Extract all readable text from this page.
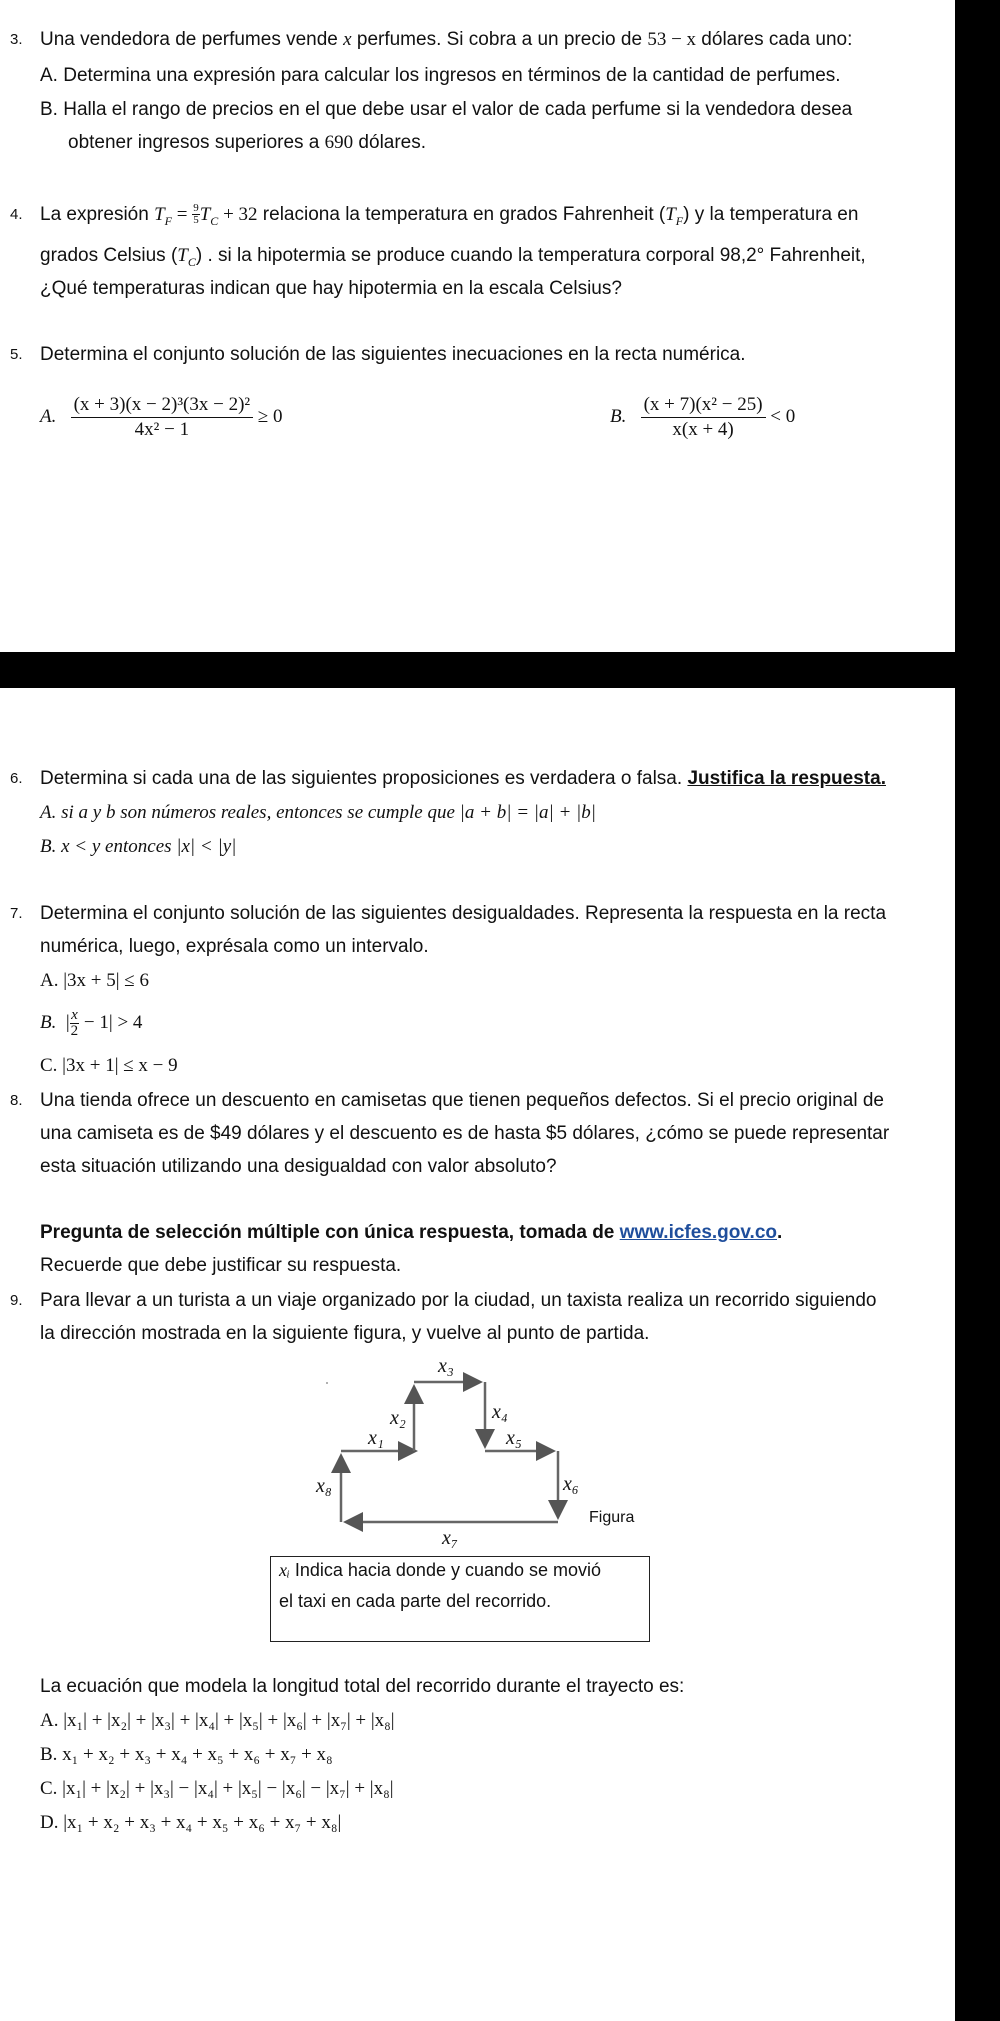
3. Una vendedora de perfumes vende x perfumes. Si cobra a un precio de 53 − x dólares cada uno:
A. Determina una expresión para calcular los ingresos en términos de la cantidad de perfumes.
B. Halla el rango de precios en el que debe usar el valor de cada perfume si la vendedora desea
obtener ingresos superiores a 690 dólares.
4. La expresión $T_F = \frac{9}{5} T_C + 32$ relaciona la temperatura en grados Fahrenheit $(T_F)$ y la temperatura en
grados Celsius $(T_C)$ . si la hipotermia se produce cuando la temperatura corporal 98,2° Fahrenheit,
¿Qué temperaturas indican que hay hipotermia en la escala Celsius?
5. Determina el conjunto solución de las siguientes inecuaciones en la recta numérica.
A. $\frac{\text{(x + 3)(x − 2)³(3x − 2)²}}{\text{4x² − 1}} \ge 0$	B. $\frac{\text{(x + 7)(x² − 25)}}{x(x + 4)} < 0$
6. Determina si cada una de las siguientes proposiciones es verdadera o falsa. Justifica la respuesta.
A. si a y b son números reales, entonces se cumple que |a + b| = |a| + |b|
B. x < y entonces |x| < |y|
7. Determina el conjunto solución de las siguientes desigualdades. Representa la respuesta en la recta
numérica, luego, exprésala como un intervalo.
A. |3x + 5| ≤ 6
B.  | $\frac{x}{2} - 1| > 4$
C. |3x + 1| ≤ x − 9
8. Una tienda ofrece un descuento en camisetas que tienen pequeños defectos. Si el precio original de
una camiseta es de $49 dólares y el descuento es de hasta $5 dólares, ¿cómo se puede representar
esta situación utilizando una desigualdad con valor absoluto?
Pregunta de selección múltiple con única respuesta, tomada de www.icfes.gov.co.
Recuerde que debe justificar su respuesta.
9. Para llevar a un turista a un viaje organizado por la ciudad, un taxista realiza un recorrido siguiendo
la dirección mostrada en la siguiente figura, y vuelve al punto de partida.
x₁
x₂
x₃
x₄
x₅
x₆
x₇
x₈
Figura
xᵢ Indica hacia donde y cuando se movió
el taxi en cada parte del recorrido.
La ecuación que modela la longitud total del recorrido durante el trayecto es:
A. |x₁| + |x₂| + |x₃| + |x₄| + |x₅| + |x₆| + |x₇| + |x₈|
B. x₁ + x₂ + x₃ + x₄ + x₅ + x₆ + x₇ + x₈
C. |x₁| + |x₂| + |x₃| − |x₄| + |x₅| − |x₆| − |x₇| + |x₈|
D. |x₁ + x₂ + x₃ + x₄ + x₅ + x₆ + x₇ + x₈|
